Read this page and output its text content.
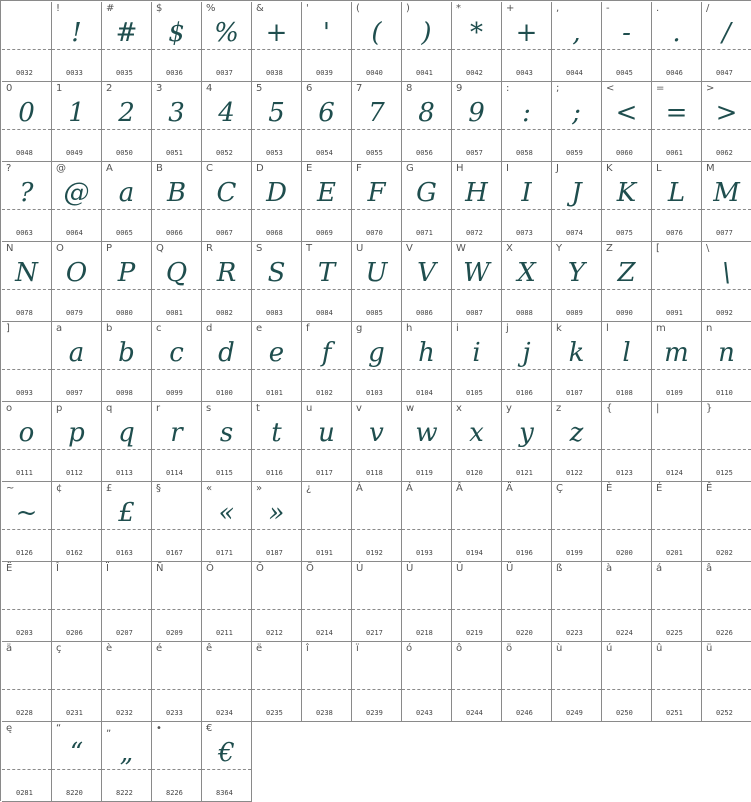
0032
!
!
0033
#
#
0035
$
$
0036
%
%
0037
&
+
0038
'
'
0039
(
(
0040
)
)
0041
*
*
0042
+
+
0043
,
,
0044
-
-
0045
.
.
0046
/
/
0047
0
0
0048
1
1
0049
2
2
0050
3
3
0051
4
4
0052
5
5
0053
6
6
0054
7
7
0055
8
8
0056
9
9
0057
:
:
0058
;
;
0059
<
<
0060
=
=
0061
>
>
0062
?
?
0063
@
@
0064
A
a
0065
B
B
0066
C
C
0067
D
D
0068
E
E
0069
F
F
0070
G
G
0071
H
H
0072
I
I
0073
J
J
0074
K
K
0075
L
L
0076
M
M
0077
N
N
0078
O
O
0079
P
P
0080
Q
Q
0081
R
R
0082
S
S
0083
T
T
0084
U
U
0085
V
V
0086
W
W
0087
X
X
0088
Y
Y
0089
Z
Z
0090
[
0091
\
\
0092
]
0093
a
a
0097
b
b
0098
c
c
0099
d
d
0100
e
e
0101
f
f
0102
g
g
0103
h
h
0104
i
i
0105
j
j
0106
k
k
0107
l
l
0108
m
m
0109
n
n
0110
o
o
0111
p
p
0112
q
q
0113
r
r
0114
s
s
0115
t
t
0116
u
u
0117
v
v
0118
w
w
0119
x
x
0120
y
y
0121
z
z
0122
{
0123
|
0124
}
0125
~
~
0126
¢
0162
£
£
0163
§
0167
«
«
0171
»
»
0187
¿
0191
À
0192
Á
0193
Â
0194
Ä
0196
Ç
0199
È
0200
É
0201
Ê
0202
Ë
0203
Î
0206
Ï
0207
Ñ
0209
Ó
0211
Ô
0212
Ö
0214
Ù
0217
Ú
0218
Û
0219
Ü
0220
ß
0223
à
0224
á
0225
â
0226
ä
0228
ç
0231
è
0232
é
0233
ê
0234
ë
0235
î
0238
ï
0239
ó
0243
ô
0244
ö
0246
ù
0249
ú
0250
û
0251
ü
0252
ę
0281
“
“
8220
„
„
8222
•
8226
€
€
8364
